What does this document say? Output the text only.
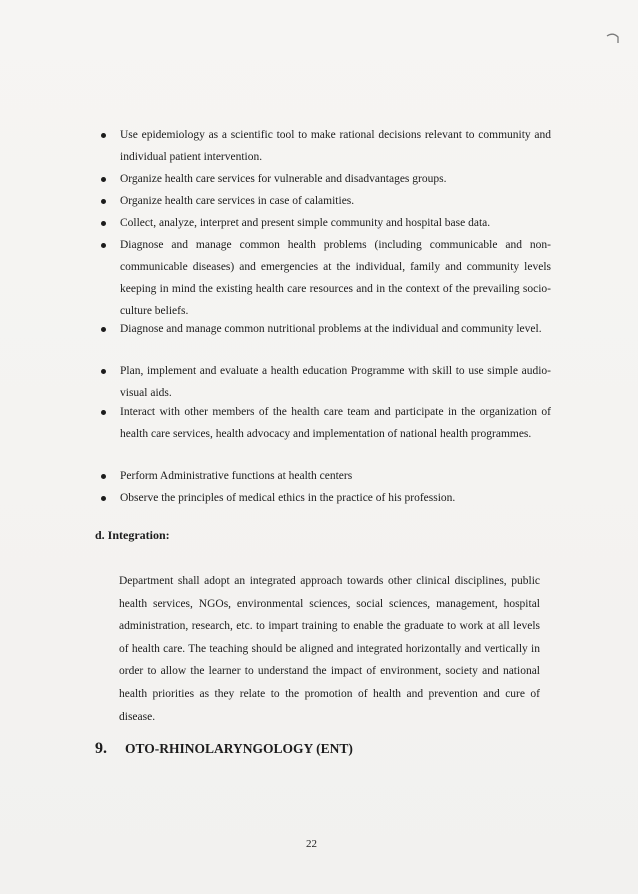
Use epidemiology as a scientific tool to make rational decisions relevant to community and individual patient intervention.
Organize health care services for vulnerable and disadvantages groups.
Organize health care services in case of calamities.
Collect, analyze, interpret and present simple community and hospital base data.
Diagnose and manage common health problems (including communicable and non-communicable diseases) and emergencies at the individual, family and community levels keeping in mind the existing health care resources and in the context of the prevailing socio-culture beliefs.
Diagnose and manage common nutritional problems at the individual and community level.
Plan, implement and evaluate a health education Programme with skill to use simple audio-visual aids.
Interact with other members of the health care team and participate in the organization of health care services, health advocacy and implementation of national health programmes.
Perform Administrative functions at health centers
Observe the principles of medical ethics in the practice of his profession.
d. Integration:

Department shall adopt an integrated approach towards other clinical disciplines, public health services, NGOs, environmental sciences, social sciences, management, hospital administration, research, etc. to impart training to enable the graduate to work at all levels of health care. The teaching should be aligned and integrated horizontally and vertically in order to allow the learner to understand the impact of environment, society and national health priorities as they relate to the promotion of health and prevention and cure of disease.

9. OTO-RHINOLARYNGOLOGY (ENT)
22
